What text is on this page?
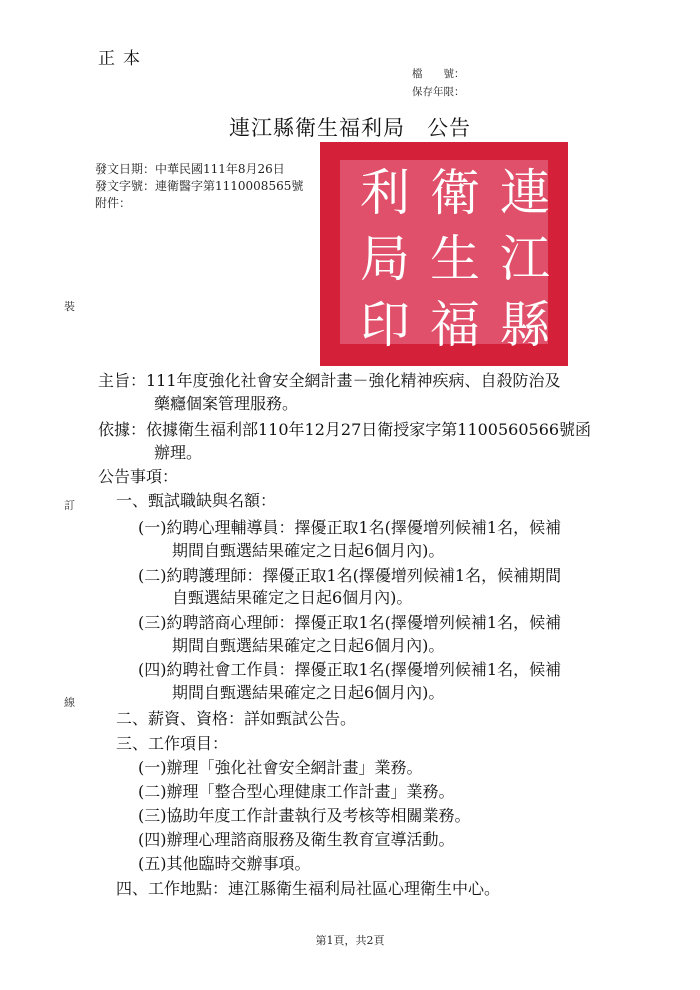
正本
檔　　號：
保存年限：
連江縣衛生福利局　公告
發文日期：中華民國111年8月26日
發文字號：連衛醫字第1110008565號
附件：	連
江
縣
衛
生
福
利
局
印
裝
訂
線
主旨：111年度強化社會安全網計畫－強化精神疾病、自殺防治及
藥癮個案管理服務。
依據：依據衛生福利部110年12月27日衛授家字第1100560566號函
辦理。
公告事項：
一、甄試職缺與名額：
(一)約聘心理輔導員：擇優正取1名(擇優增列候補1名，候補
期間自甄選結果確定之日起6個月內)。
(二)約聘護理師：擇優正取1名(擇優增列候補1名，候補期間
自甄選結果確定之日起6個月內)。
(三)約聘諮商心理師：擇優正取1名(擇優增列候補1名，候補
期間自甄選結果確定之日起6個月內)。
(四)約聘社會工作員：擇優正取1名(擇優增列候補1名，候補
期間自甄選結果確定之日起6個月內)。
二、薪資、資格：詳如甄試公告。
三、工作項目：
(一)辦理「強化社會安全網計畫」業務。
(二)辦理「整合型心理健康工作計畫」業務。
(三)協助年度工作計畫執行及考核等相關業務。
(四)辦理心理諮商服務及衛生教育宣導活動。
(五)其他臨時交辦事項。
四、工作地點：連江縣衛生福利局社區心理衛生中心。
第1頁，共2頁
